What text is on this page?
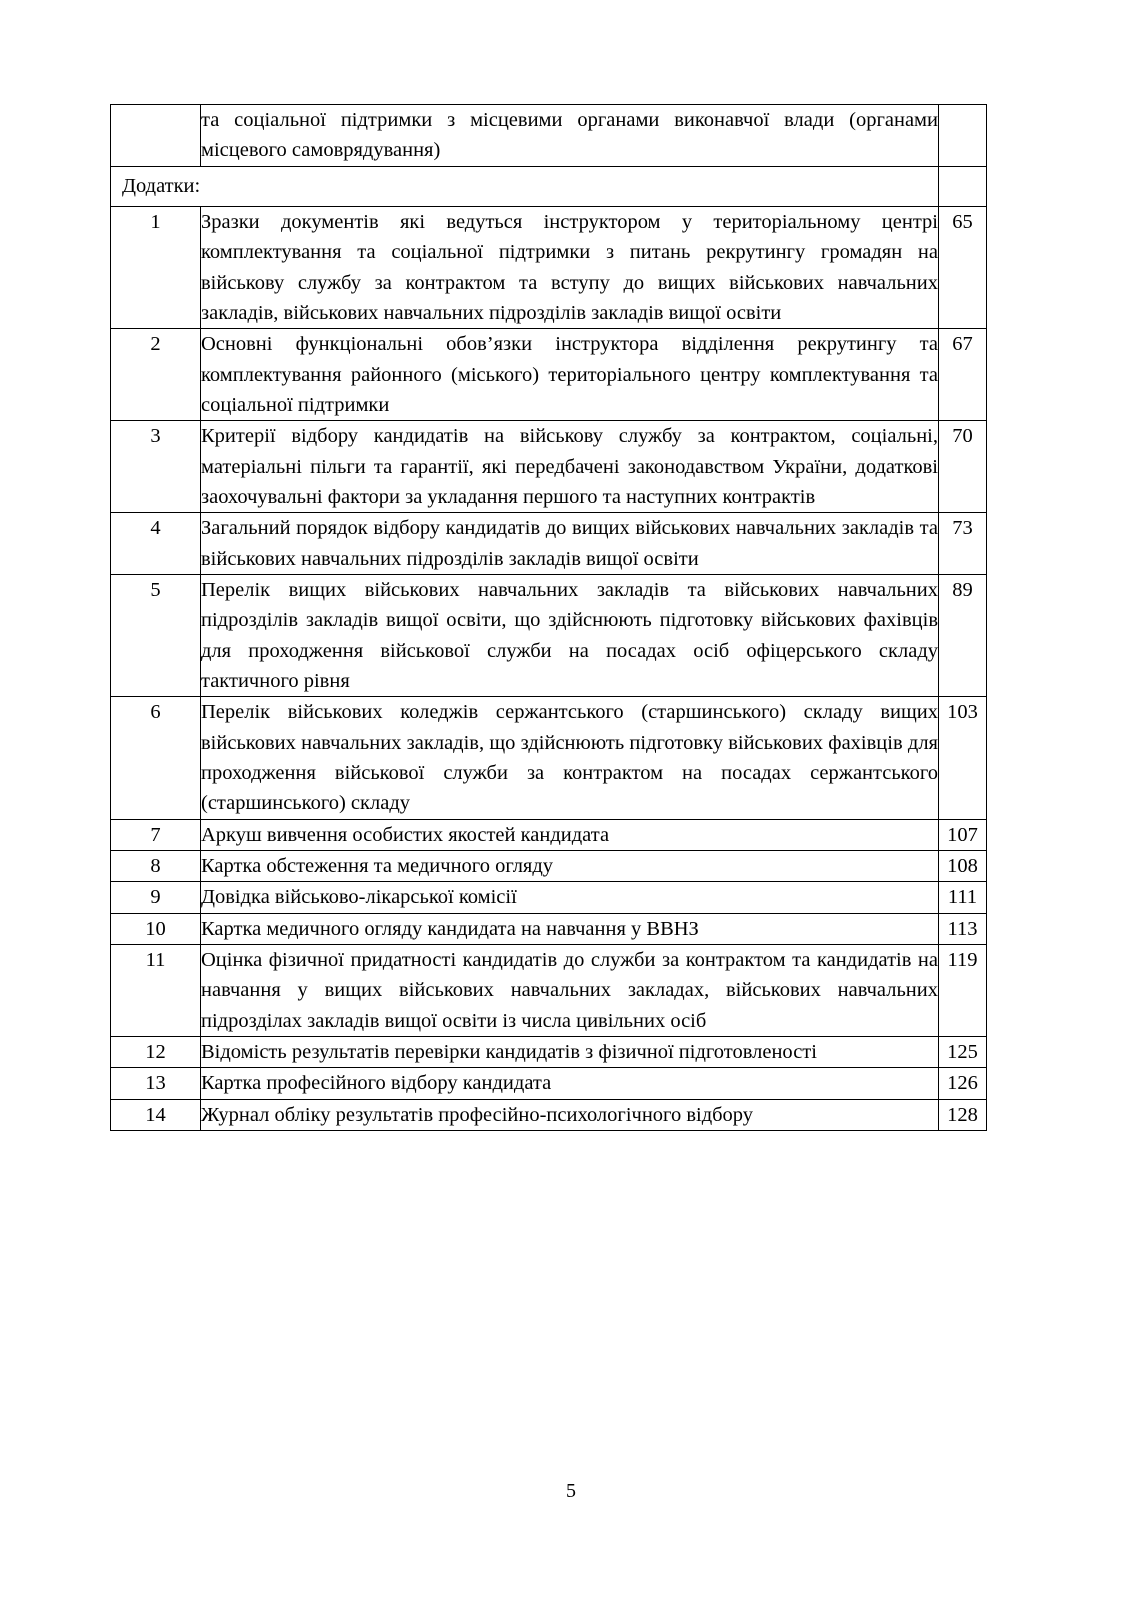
	та соціальної підтримки з місцевими органами виконавчої влади (органами місцевого самоврядування)	
Додатки:		
1	Зразки документів які ведуться інструктором у територіальному центрі комплектування та соціальної підтримки з питань рекрутингу громадян на військову службу за контрактом та вступу до вищих військових навчальних закладів, військових навчальних підрозділів закладів вищої освіти	65
2	Основні функціональні обов’язки інструктора відділення рекрутингу та комплектування районного (міського) територіального центру комплектування та соціальної підтримки	67
3	Критерії відбору кандидатів на військову службу за контрактом, соціальні, матеріальні пільги та гарантії, які передбачені законодавством України, додаткові заохочувальні фактори за укладання першого та наступних контрактів	70
4	Загальний порядок відбору кандидатів до вищих військових навчальних закладів та військових навчальних підрозділів закладів вищої освіти	73
5	Перелік вищих військових навчальних закладів та військових навчальних підрозділів закладів вищої освіти, що здійснюють підготовку військових фахівців для проходження військової служби на посадах осіб офіцерського складу тактичного рівня	89
6	Перелік військових коледжів сержантського (старшинського) складу вищих військових навчальних закладів, що здійснюють підготовку військових фахівців для проходження військової служби за контрактом на посадах сержантського (старшинського) складу	103
7	Аркуш вивчення особистих якостей кандидата	107
8	Картка обстеження та медичного огляду	108
9	Довідка військово-лікарської комісії	111
10	Картка медичного огляду кандидата на навчання у ВВНЗ	113
11	Оцінка фізичної придатності кандидатів до служби за контрактом та кандидатів на навчання у вищих військових навчальних закладах, військових навчальних підрозділах закладів вищої освіти із числа цивільних осіб	119
12	Відомість результатів перевірки кандидатів з фізичної підготовленості	125
13	Картка професійного відбору кандидата	126
14	Журнал обліку результатів професійно-психологічного відбору	128
5
